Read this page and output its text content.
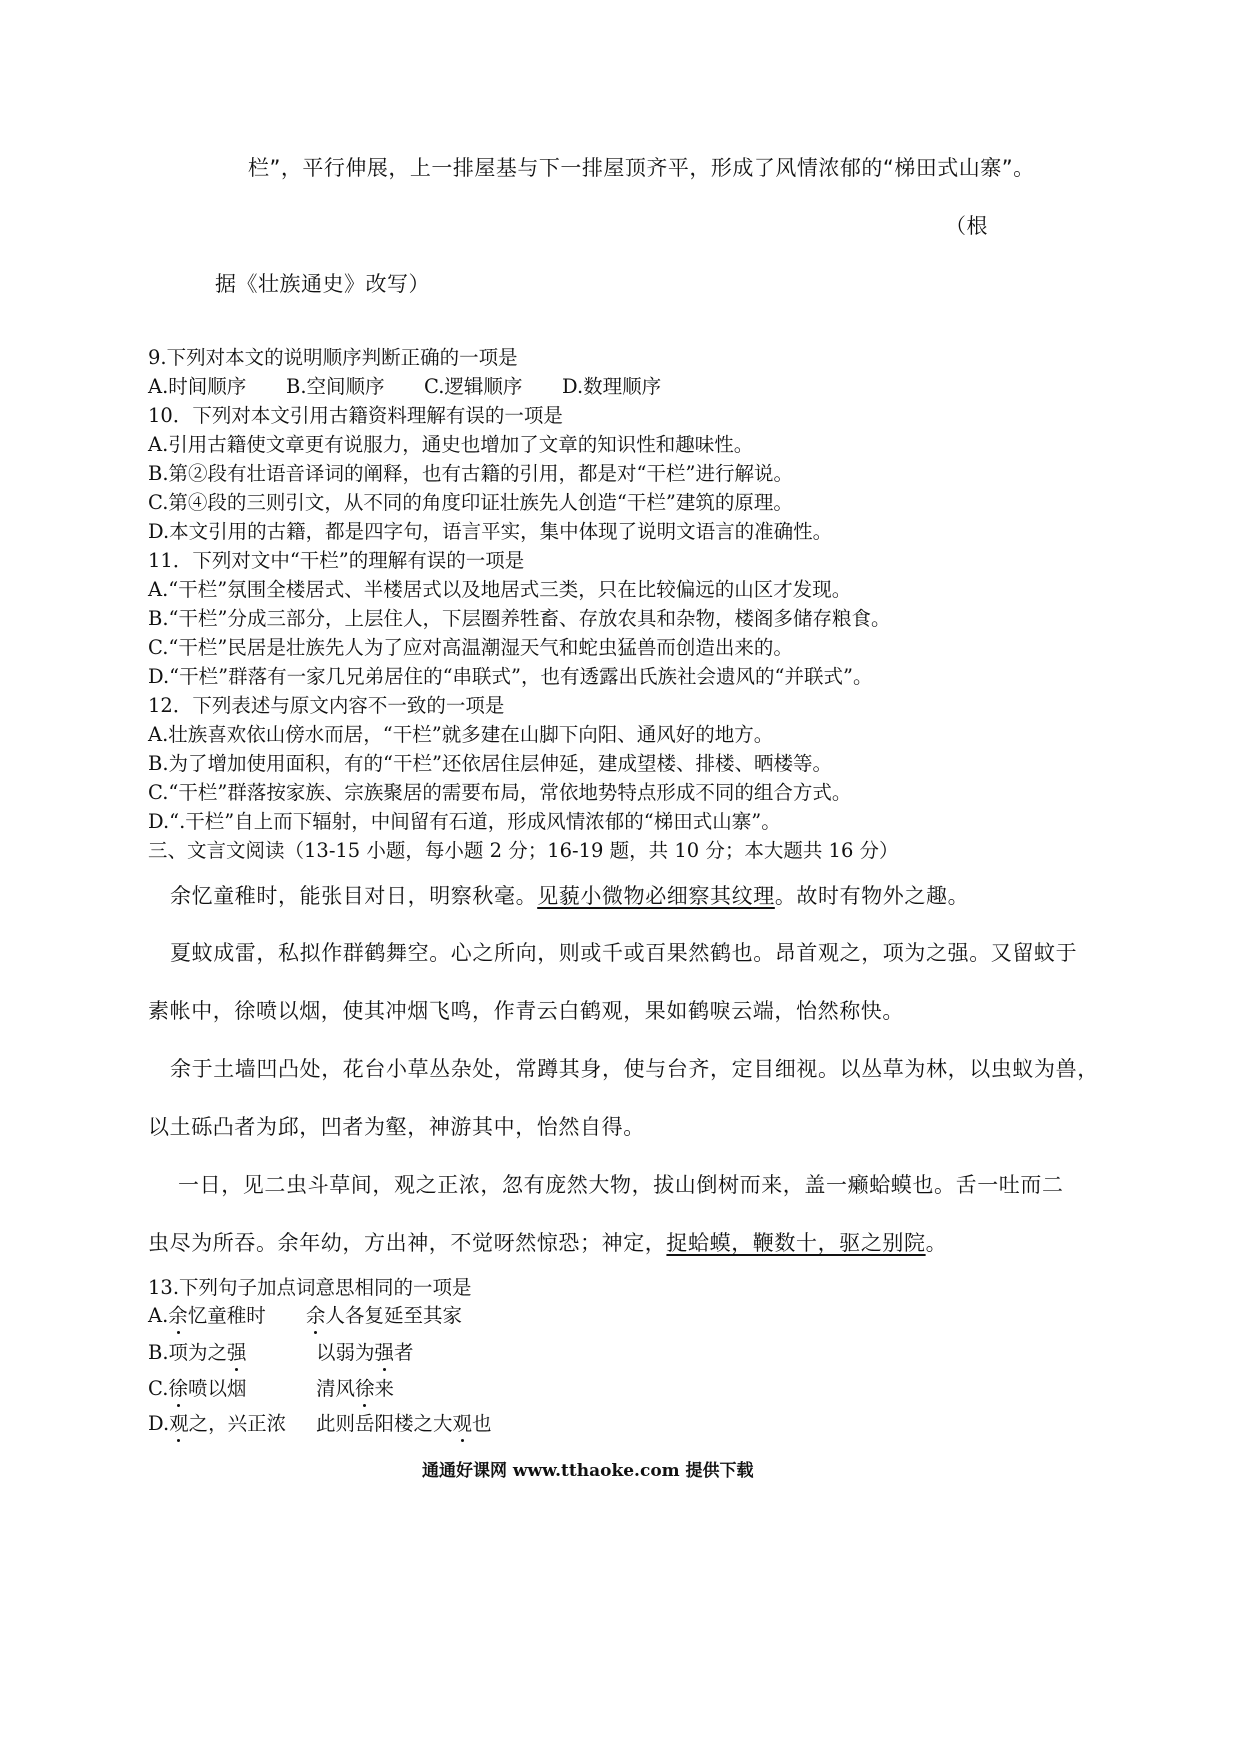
栏”，平行伸展，上一排屋基与下一排屋顶齐平，形成了风情浓郁的“梯田式山寨”。
（根
据《壮族通史》改写）
9.下列对本文的说明顺序判断正确的一项是
A.时间顺序 B.空间顺序 C.逻辑顺序 D.数理顺序
10．下列对本文引用古籍资料理解有误的一项是
A.引用古籍使文章更有说服力，通史也增加了文章的知识性和趣味性。
B.第②段有壮语音译词的阐释，也有古籍的引用，都是对“干栏”进行解说。
C.第④段的三则引文，从不同的角度印证壮族先人创造“干栏”建筑的原理。
D.本文引用的古籍，都是四字句，语言平实，集中体现了说明文语言的准确性。
11．下列对文中“干栏”的理解有误的一项是
A.“干栏”氛围全楼居式、半楼居式以及地居式三类，只在比较偏远的山区才发现。
B.“干栏”分成三部分，上层住人，下层圈养牲畜、存放农具和杂物，楼阁多储存粮食。
C.“干栏”民居是壮族先人为了应对高温潮湿天气和蛇虫猛兽而创造出来的。
D.“干栏”群落有一家几兄弟居住的“串联式”，也有透露出氏族社会遗风的“并联式”。
12．下列表述与原文内容不一致的一项是
A.壮族喜欢依山傍水而居，“干栏”就多建在山脚下向阳、通风好的地方。
B.为了增加使用面积，有的“干栏”还依居住层伸延，建成望楼、排楼、晒楼等。
C.“干栏”群落按家族、宗族聚居的需要布局，常依地势特点形成不同的组合方式。
D.“.干栏”自上而下辐射，中间留有石道，形成风情浓郁的“梯田式山寨”。
三、文言文阅读（13-15 小题，每小题 2 分；16-19 题，共 10 分；本大题共 16 分）
余忆童稚时，能张目对日，明察秋毫。见藐小微物必细察其纹理。故时有物外之趣。
夏蚊成雷，私拟作群鹤舞空。心之所向，则或千或百果然鹤也。昂首观之，项为之强。又留蚊于
素帐中，徐喷以烟，使其冲烟飞鸣，作青云白鹤观，果如鹤唳云端，怡然称快。
余于土墙凹凸处，花台小草丛杂处，常蹲其身，使与台齐，定目细视。以丛草为林，以虫蚁为兽，
以土砾凸者为邱，凹者为壑，神游其中，怡然自得。
一日，见二虫斗草间，观之正浓，忽有庞然大物，拔山倒树而来，盖一癞蛤蟆也。舌一吐而二
虫尽为所吞。余年幼，方出神，不觉呀然惊恐；神定，捉蛤蟆，鞭数十，驱之别院。
13.下列句子加点词意思相同的一项是
A.余忆童稚时 余人各复延至其家
B.项为之强	以弱为强者
C.徐喷以烟	清风徐来
D.观之，兴正浓 此则岳阳楼之大观也
通通好课网 www.tthaoke.com 提供下载
